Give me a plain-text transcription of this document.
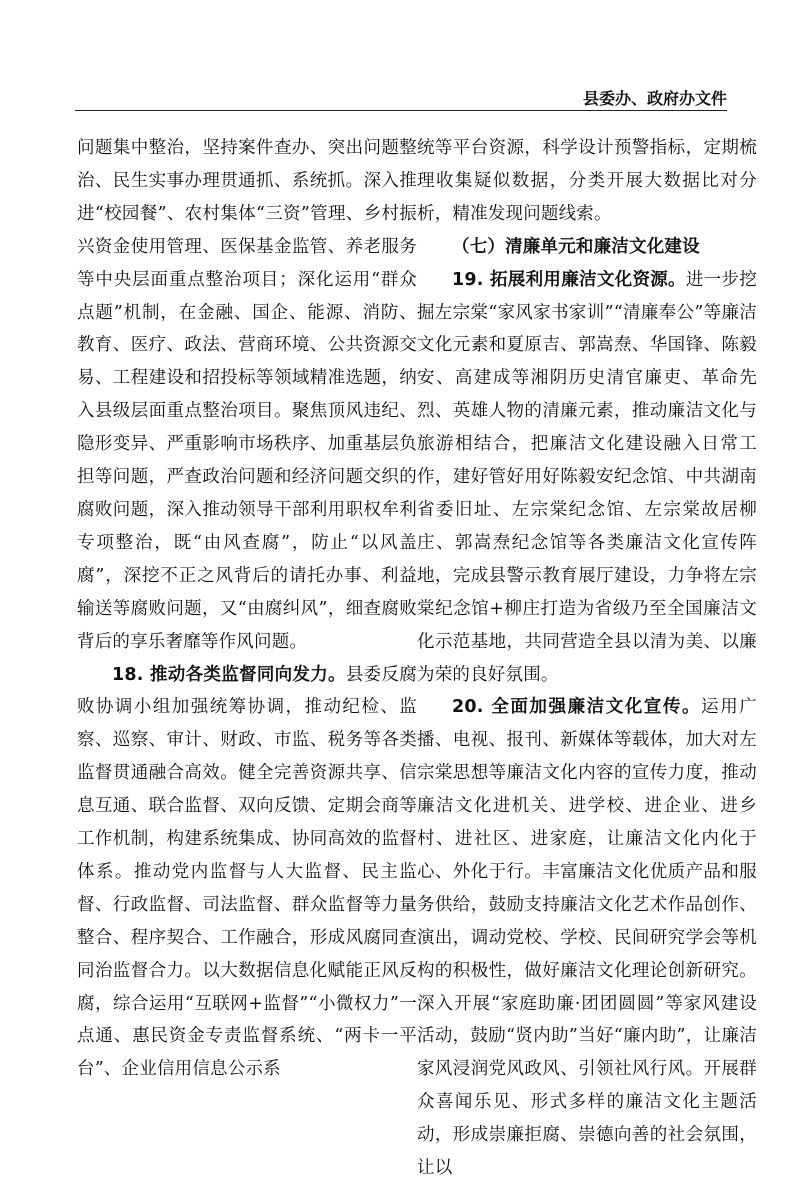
县委办、政府办文件

问题集中整治，坚持案件查办、突出问题整治、民生实事办理贯通抓、系统抓。深入推进“校园餐”、农村集体“三资”管理、乡村振兴资金使用管理、医保基金监管、养老服务等中央层面重点整治项目；深化运用“群众点题”机制，在金融、国企、能源、消防、教育、医疗、政法、营商环境、公共资源交易、工程建设和招投标等领域精准选题，纳入县级层面重点整治项目。聚焦顶风违纪、隐形变异、严重影响市场秩序、加重基层负担等问题，严查政治问题和经济问题交织的腐败问题，深入推动领导干部利用职权牟利专项整治，既“由风查腐”，防止“以风盖腐”，深挖不正之风背后的请托办事、利益输送等腐败问题，又“由腐纠风”，细查腐败背后的享乐奢靡等作风问题。

18. 推动各类监督同向发力。县委反腐败协调小组加强统筹协调，推动纪检、监察、巡察、审计、财政、市监、税务等各类监督贯通融合高效。健全完善资源共享、信息互通、联合监督、双向反馈、定期会商等工作机制，构建系统集成、协同高效的监督体系。推动党内监督与人大监督、民主监督、行政监督、司法监督、群众监督等力量整合、程序契合、工作融合，形成风腐同查同治监督合力。以大数据信息化赋能正风反腐，综合运用“互联网+监督”“小微权力”一点通、惠民资金专责监督系统、“两卡一平台”、企业信用信息公示系

统等平台资源，科学设计预警指标，定期梳理收集疑似数据，分类开展大数据比对分析，精准发现问题线索。

（七）清廉单元和廉洁文化建设

19. 拓展利用廉洁文化资源。进一步挖掘左宗棠“家风家书家训”“清廉奉公”等廉洁文化元素和夏原吉、郭嵩焘、华国锋、陈毅安、高建成等湘阴历史清官廉吏、革命先烈、英雄人物的清廉元素，推动廉洁文化与旅游相结合，把廉洁文化建设融入日常工作，建好管好用好陈毅安纪念馆、中共湖南省委旧址、左宗棠纪念馆、左宗棠故居柳庄、郭嵩焘纪念馆等各类廉洁文化宣传阵地，完成县警示教育展厅建设，力争将左宗棠纪念馆+柳庄打造为省级乃至全国廉洁文化示范基地，共同营造全县以清为美、以廉为荣的良好氛围。

20. 全面加强廉洁文化宣传。运用广播、电视、报刊、新媒体等载体，加大对左宗棠思想等廉洁文化内容的宣传力度，推动廉洁文化进机关、进学校、进企业、进乡村、进社区、进家庭，让廉洁文化内化于心、外化于行。丰富廉洁文化优质产品和服务供给，鼓励支持廉洁文化艺术作品创作、演出，调动党校、学校、民间研究学会等机构的积极性，做好廉洁文化理论创新研究。深入开展“家庭助廉·团团圆圆”等家风建设活动，鼓励“贤内助”当好“廉内助”，让廉洁家风浸润党风政风、引领社风行风。开展群众喜闻乐见、形式多样的廉洁文化主题活动，形成崇廉拒腐、崇德向善的社会氛围，让以
